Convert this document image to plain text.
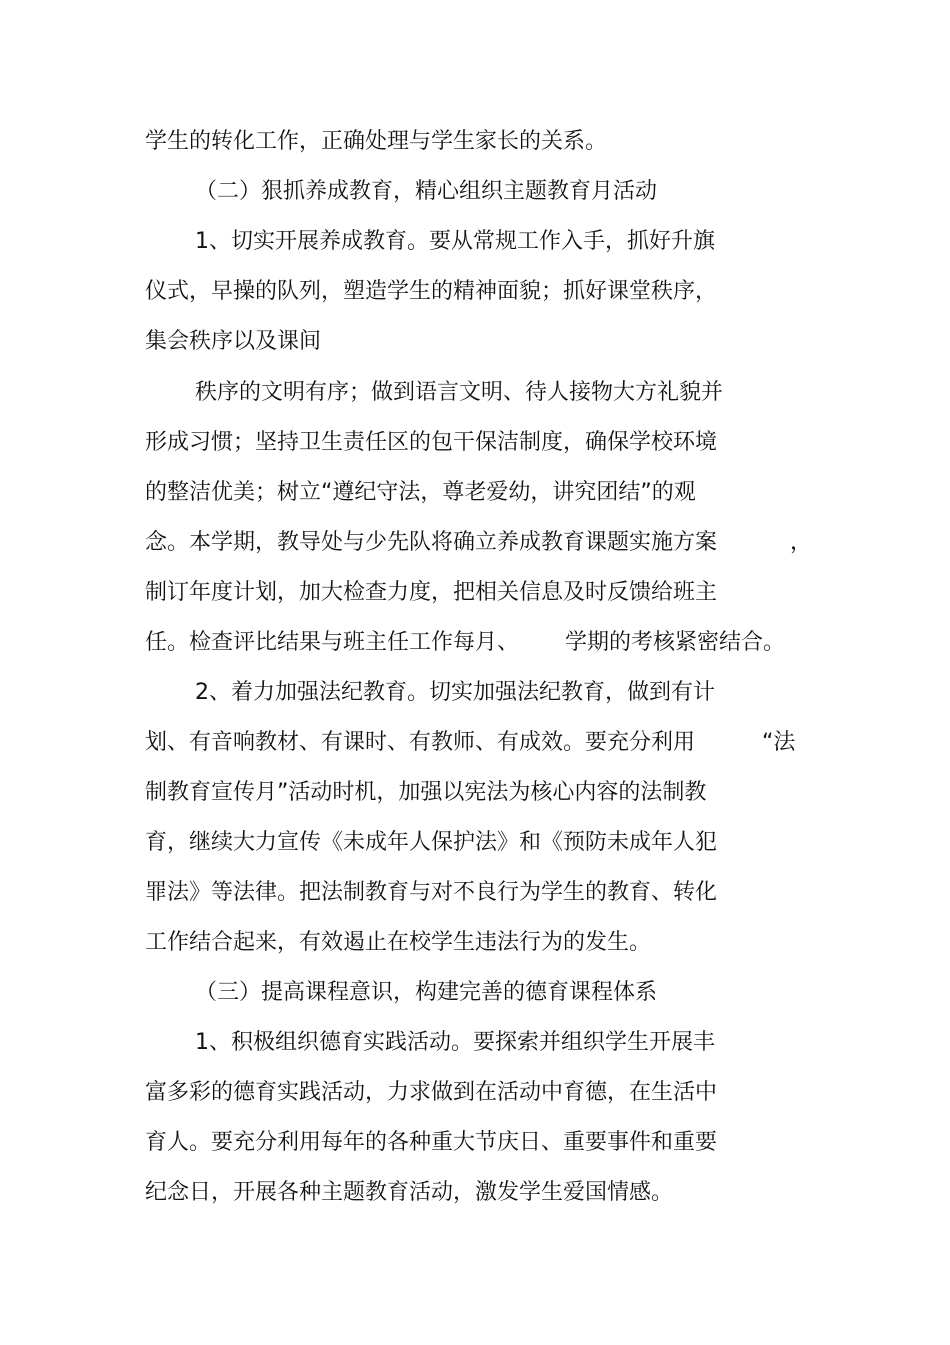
学生的转化工作，正确处理与学生家长的关系。

（二）狠抓养成教育，精心组织主题教育月活动

1、切实开展养成教育。要从常规工作入手，抓好升旗

仪式，早操的队列，塑造学生的精神面貌；抓好课堂秩序，

集会秩序以及课间

秩序的文明有序；做到语言文明、待人接物大方礼貌并

形成习惯；坚持卫生责任区的包干保洁制度，确保学校环境

的整洁优美；树立“遵纪守法，尊老爱幼，讲究团结”的观

念。本学期，教导处与少先队将确立养成教育课题实施方案	，

制订年度计划，加大检查力度，把相关信息及时反馈给班主

任。检查评比结果与班主任工作每月、 学期的考核紧密结合。

2、着力加强法纪教育。切实加强法纪教育，做到有计

划、有音响教材、有课时、有教师、有成效。要充分利用	“法

制教育宣传月”活动时机，加强以宪法为核心内容的法制教

育，继续大力宣传《未成年人保护法》和《预防未成年人犯

罪法》等法律。把法制教育与对不良行为学生的教育、转化

工作结合起来，有效遏止在校学生违法行为的发生。

（三）提高课程意识，构建完善的德育课程体系

1、积极组织德育实践活动。要探索并组织学生开展丰

富多彩的德育实践活动，力求做到在活动中育德，在生活中

育人。要充分利用每年的各种重大节庆日、重要事件和重要

纪念日，开展各种主题教育活动，激发学生爱国情感。
